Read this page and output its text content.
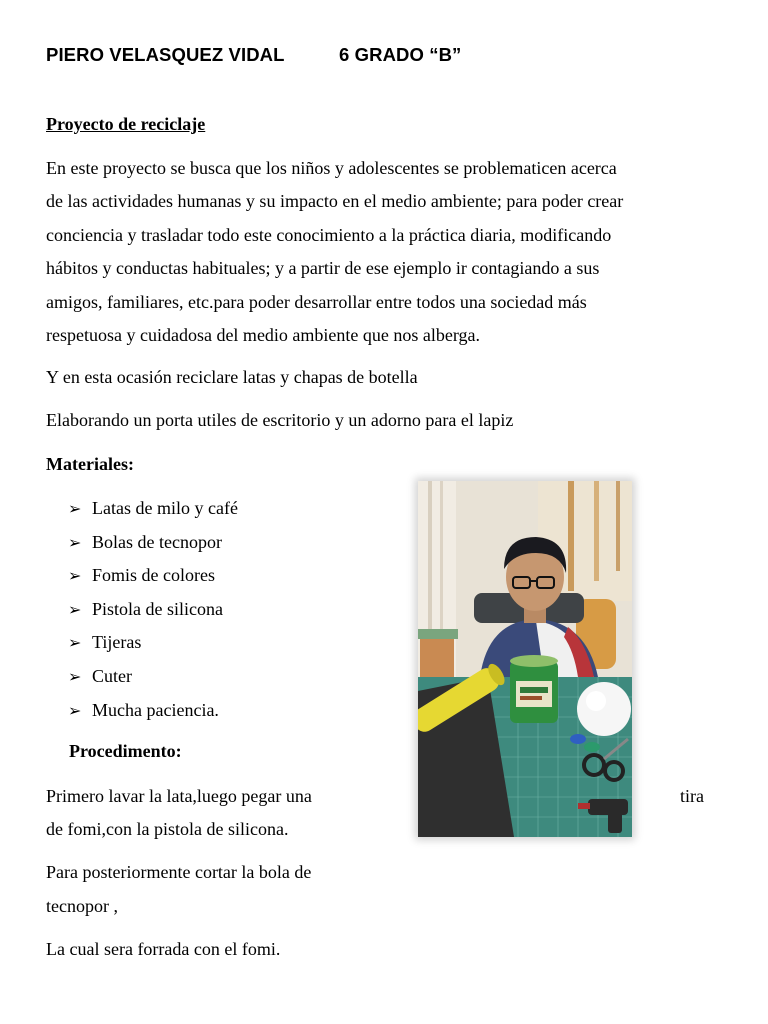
PIERO VELASQUEZ VIDAL	6 GRADO “B”
Proyecto de reciclaje
En este proyecto se busca que los niños y adolescentes se problematicen acerca
de las actividades humanas y su impacto en el medio ambiente; para poder crear
conciencia y trasladar todo este conocimiento a la práctica diaria, modificando
hábitos y conductas habituales; y a partir de ese ejemplo ir contagiando a sus
amigos, familiares, etc.para poder desarrollar entre todos una sociedad más
respetuosa y cuidadosa del medio ambiente que nos alberga.
Y en esta ocasión reciclare latas y chapas de botella
Elaborando un porta utiles de escritorio y un adorno para el lapiz
Materiales:
➢ Latas de milo y café
➢ Bolas de tecnopor
➢ Fomis de colores
➢ Pistola de silicona
➢ Tijeras
➢ Cuter
➢ Mucha paciencia.
Procedimento:
Primero lavar la lata,luego pegar una	tira
de fomi,con la pistola de silicona.
Para posteriormente cortar la bola de
tecnopor ,
La cual sera forrada con el fomi.
